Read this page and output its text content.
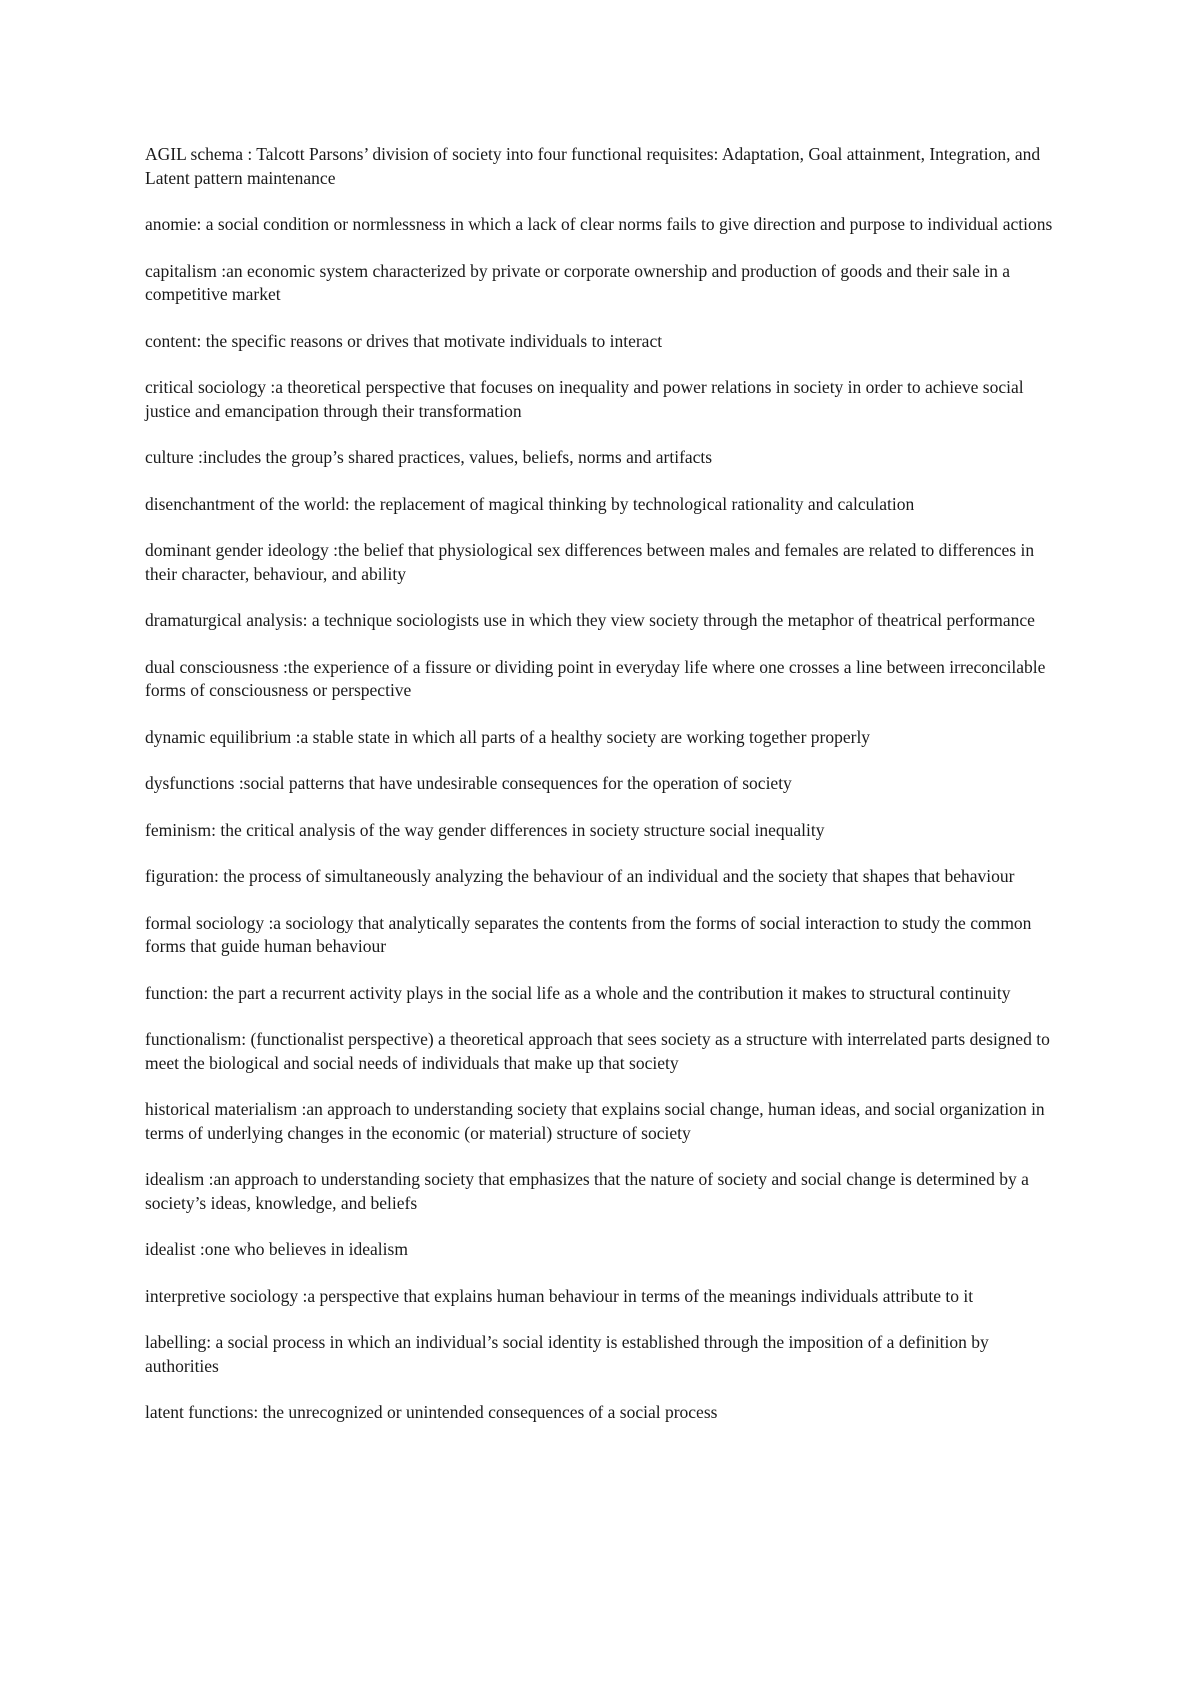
AGIL schema : Talcott Parsons’ division of society into four functional requisites: Adaptation, Goal attainment, Integration, and Latent pattern maintenance

anomie: a social condition or normlessness in which a lack of clear norms fails to give direction and purpose to individual actions

capitalism :an economic system characterized by private or corporate ownership and production of goods and their sale in a competitive market

content: the specific reasons or drives that motivate individuals to interact

critical sociology :a theoretical perspective that focuses on inequality and power relations in society in order to achieve social justice and emancipation through their transformation

culture :includes the group’s shared practices, values, beliefs, norms and artifacts

disenchantment of the world: the replacement of magical thinking by technological rationality and calculation

dominant gender ideology :the belief that physiological sex differences between males and females are related to differences in their character, behaviour, and ability

dramaturgical analysis: a technique sociologists use in which they view society through the metaphor of theatrical performance

dual consciousness :the experience of a fissure or dividing point in everyday life where one crosses a line between irreconcilable forms of consciousness or perspective

dynamic equilibrium :a stable state in which all parts of a healthy society are working together properly

dysfunctions :social patterns that have undesirable consequences for the operation of society

feminism: the critical analysis of the way gender differences in society structure social inequality

figuration: the process of simultaneously analyzing the behaviour of an individual and the society that shapes that behaviour

formal sociology :a sociology that analytically separates the contents from the forms of social interaction to study the common forms that guide human behaviour

function: the part a recurrent activity plays in the social life as a whole and the contribution it makes to structural continuity

functionalism: (functionalist perspective) a theoretical approach that sees society as a structure with interrelated parts designed to meet the biological and social needs of individuals that make up that society

historical materialism :an approach to understanding society that explains social change, human ideas, and social organization in terms of underlying changes in the economic (or material) structure of society

idealism :an approach to understanding society that emphasizes that the nature of society and social change is determined by a society’s ideas, knowledge, and beliefs

idealist :one who believes in idealism

interpretive sociology :a perspective that explains human behaviour in terms of the meanings individuals attribute to it

labelling: a social process in which an individual’s social identity is established through the imposition of a definition by authorities

latent functions: the unrecognized or unintended consequences of a social process
